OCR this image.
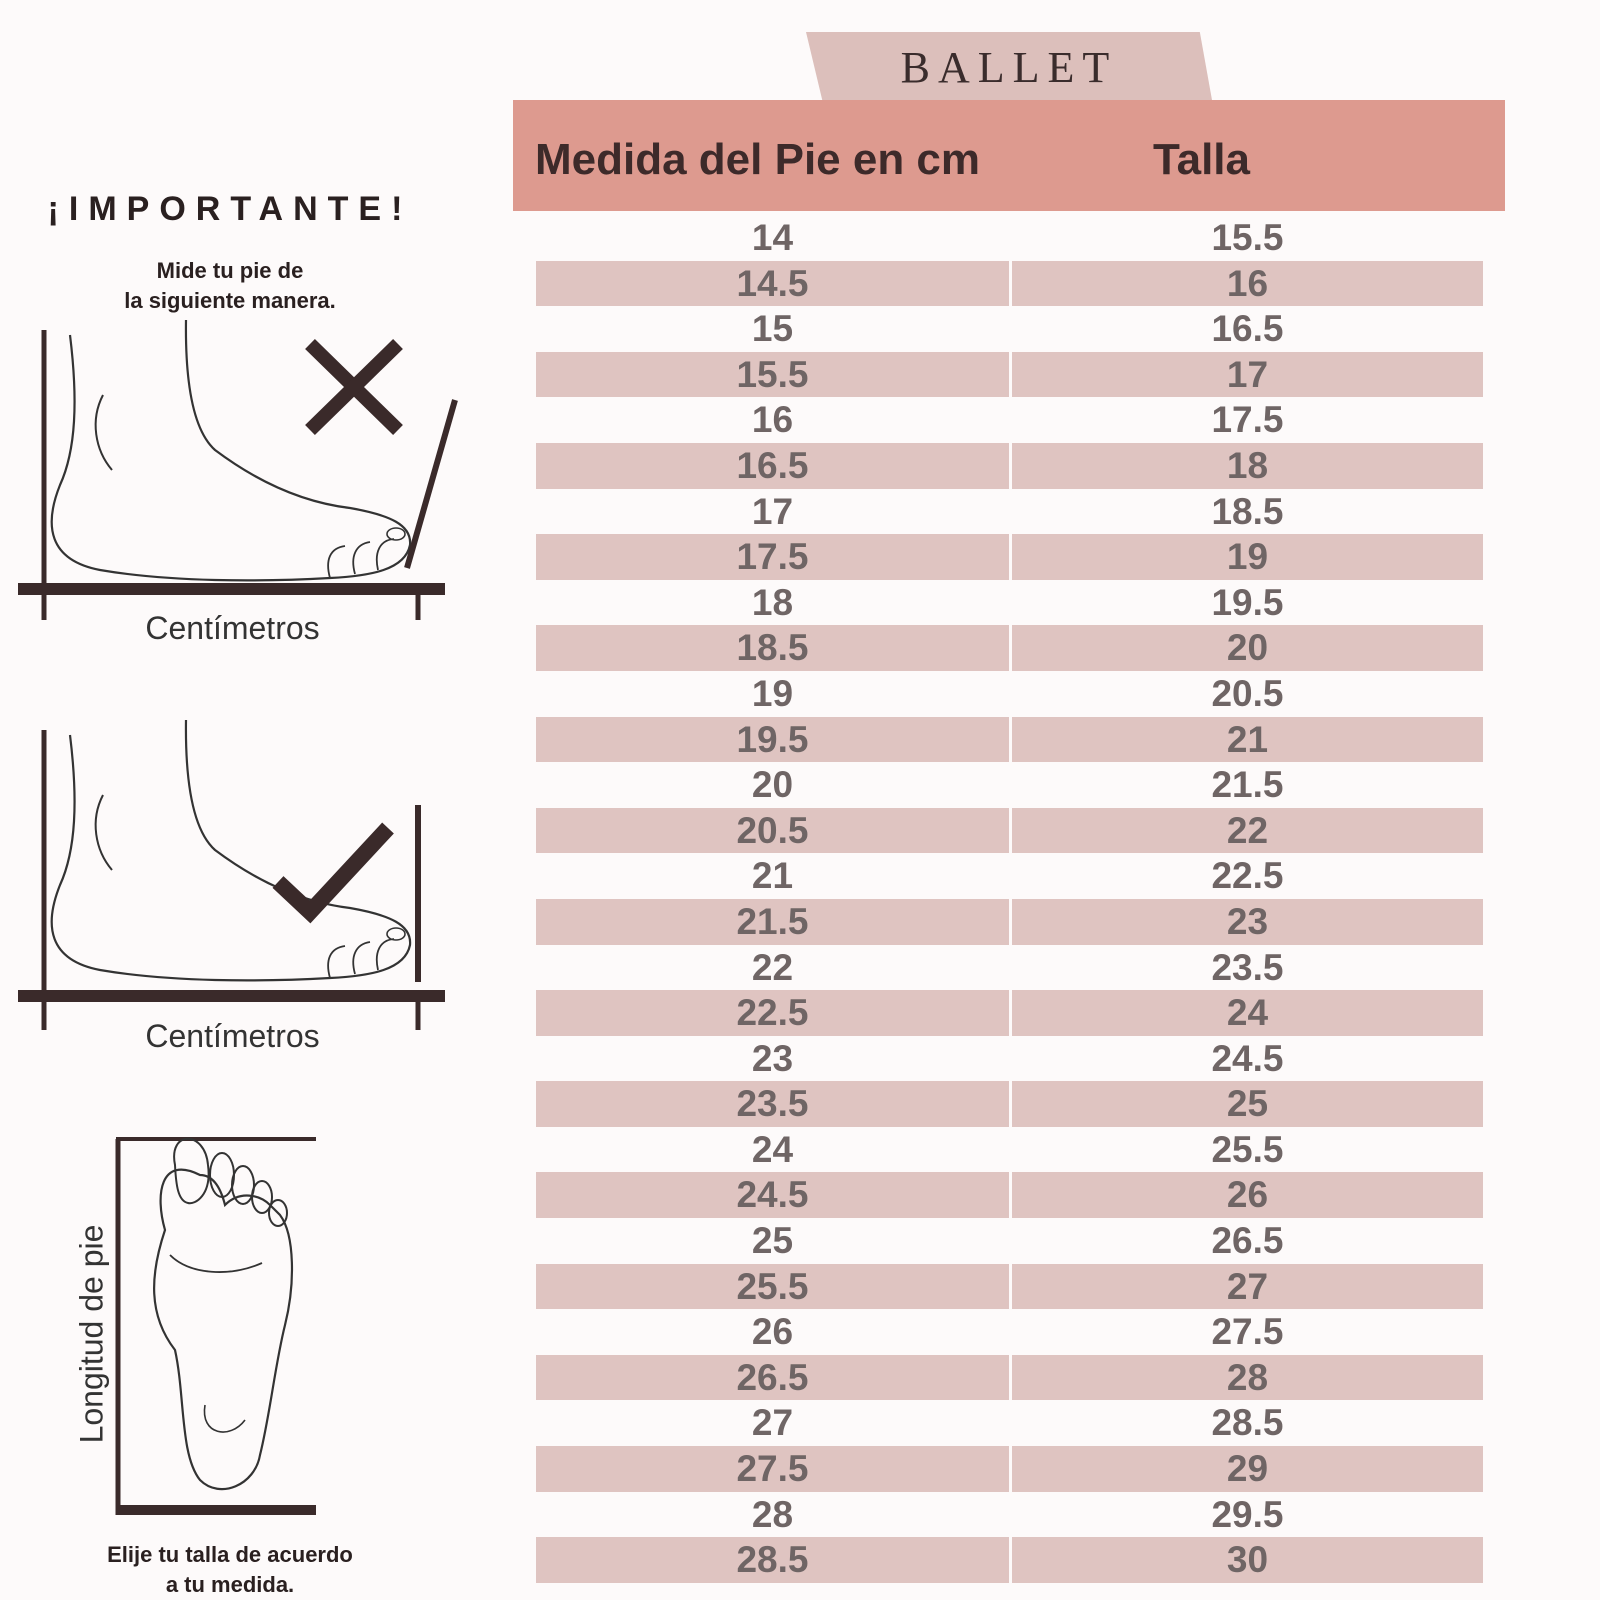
¡IMPORTANTE!
Mide tu pie de
la siguiente manera.
Centímetros
Centímetros
Longitud de pie
Elije tu talla de acuerdo
a tu medida.
BALLET
Medida del Pie en cm	Talla
14	15.5
14.5	16
15	16.5
15.5	17
16	17.5
16.5	18
17	18.5
17.5	19
18	19.5
18.5	20
19	20.5
19.5	21
20	21.5
20.5	22
21	22.5
21.5	23
22	23.5
22.5	24
23	24.5
23.5	25
24	25.5
24.5	26
25	26.5
25.5	27
26	27.5
26.5	28
27	28.5
27.5	29
28	29.5
28.5	30
